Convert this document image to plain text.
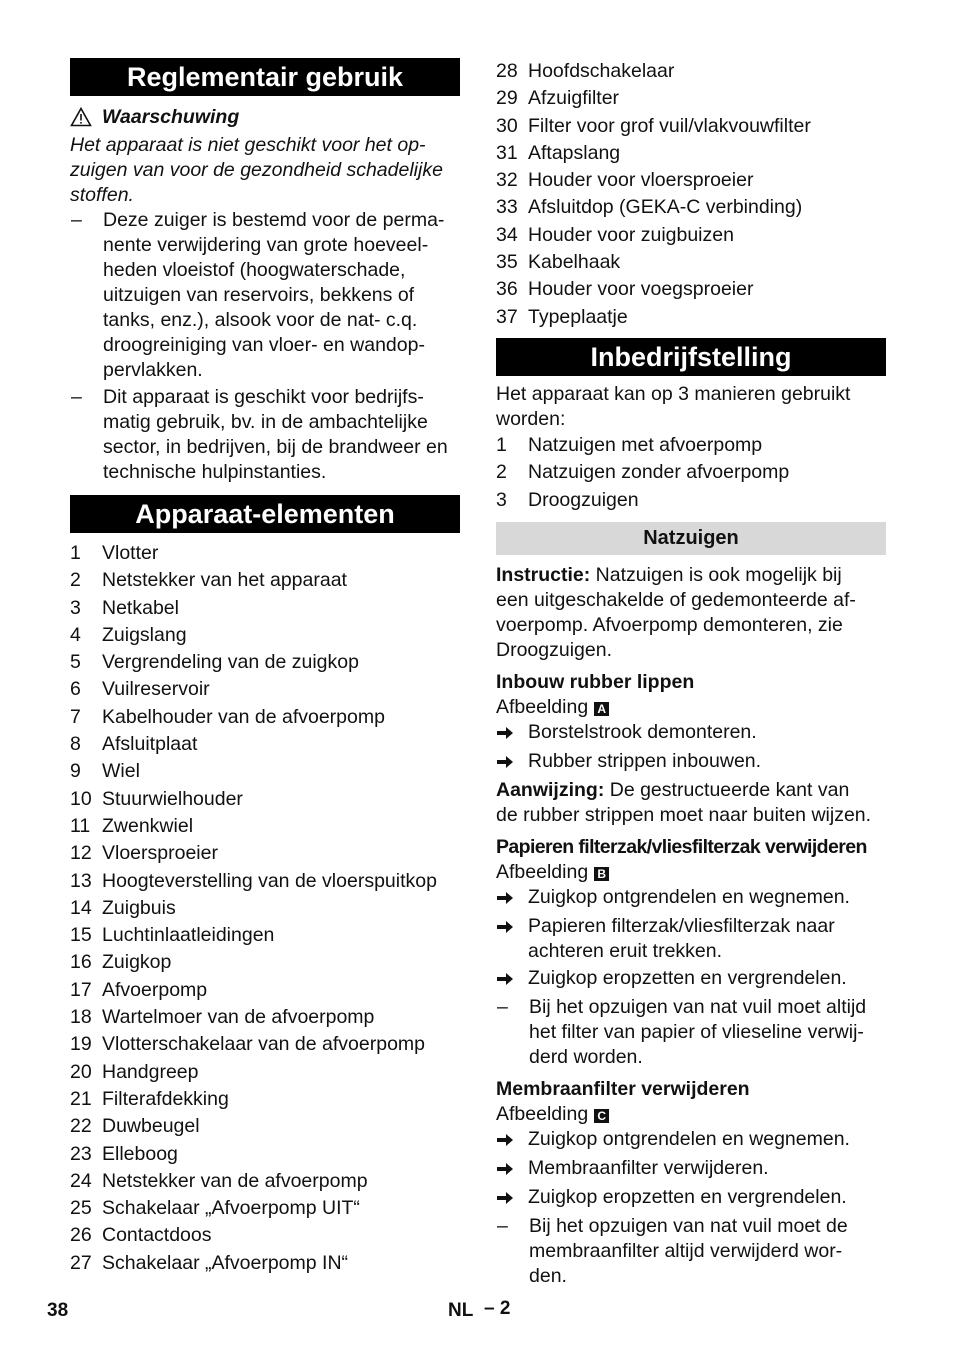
Reglementair gebruik
Waarschuwing
Het apparaat is niet geschikt voor het op-
zuigen van voor de gezondheid schadelijke
stoffen.
–	Deze zuiger is bestemd voor de perma-
nente verwijdering van grote hoeveel-
heden vloeistof (hoogwaterschade,
uitzuigen van reservoirs, bekkens of
tanks, enz.), alsook voor de nat- c.q.
droogreiniging van vloer- en wandop-
pervlakken.
–	Dit apparaat is geschikt voor bedrijfs-
matig gebruik, bv. in de ambachtelijke
sector, in bedrijven, bij de brandweer en
technische hulpinstanties.
Apparaat-elementen
1	Vlotter
2	Netstekker van het apparaat
3	Netkabel
4	Zuigslang
5	Vergrendeling van de zuigkop
6	Vuilreservoir
7	Kabelhouder van de afvoerpomp
8	Afsluitplaat
9	Wiel
10 Stuurwielhouder
11 Zwenkwiel
12 Vloersproeier
13 Hoogteverstelling van de vloerspuitkop
14 Zuigbuis
15 Luchtinlaatleidingen
16 Zuigkop
17 Afvoerpomp
18 Wartelmoer van de afvoerpomp
19 Vlotterschakelaar van de afvoerpomp
20 Handgreep
21 Filterafdekking
22 Duwbeugel
23 Elleboog
24 Netstekker van de afvoerpomp
25 Schakelaar „Afvoerpomp UIT“
26 Contactdoos
27 Schakelaar „Afvoerpomp IN“
28 Hoofdschakelaar
29 Afzuigfilter
30 Filter voor grof vuil/vlakvouwfilter
31 Aftapslang
32 Houder voor vloersproeier
33 Afsluitdop (GEKA-C verbinding)
34 Houder voor zuigbuizen
35 Kabelhaak
36 Houder voor voegsproeier
37 Typeplaatje
Inbedrijfstelling
Het apparaat kan op 3 manieren gebruikt
worden:
1	Natzuigen met afvoerpomp
2	Natzuigen zonder afvoerpomp
3	Droogzuigen
Natzuigen
Instructie: Natzuigen is ook mogelijk bij
een uitgeschakelde of gedemonteerde af-
voerpomp. Afvoerpomp demonteren, zie
Droogzuigen.
Inbouw rubber lippen
Afbeelding A
Borstelstrook demonteren.
Rubber strippen inbouwen.
Aanwijzing: De gestructueerde kant van
de rubber strippen moet naar buiten wijzen.
Papieren filterzak/vliesfilterzak verwijderen
Afbeelding B
Zuigkop ontgrendelen en wegnemen.
Papieren filterzak/vliesfilterzak naar
achteren eruit trekken.
Zuigkop eropzetten en vergrendelen.
–	Bij het opzuigen van nat vuil moet altijd
het filter van papier of vlieseline verwij-
derd worden.
Membraanfilter verwijderen
Afbeelding C
Zuigkop ontgrendelen en wegnemen.
Membraanfilter verwijderen.
Zuigkop eropzetten en vergrendelen.
–	Bij het opzuigen van nat vuil moet de
membraanfilter altijd verwijderd wor-
den.
38	NL – 2
